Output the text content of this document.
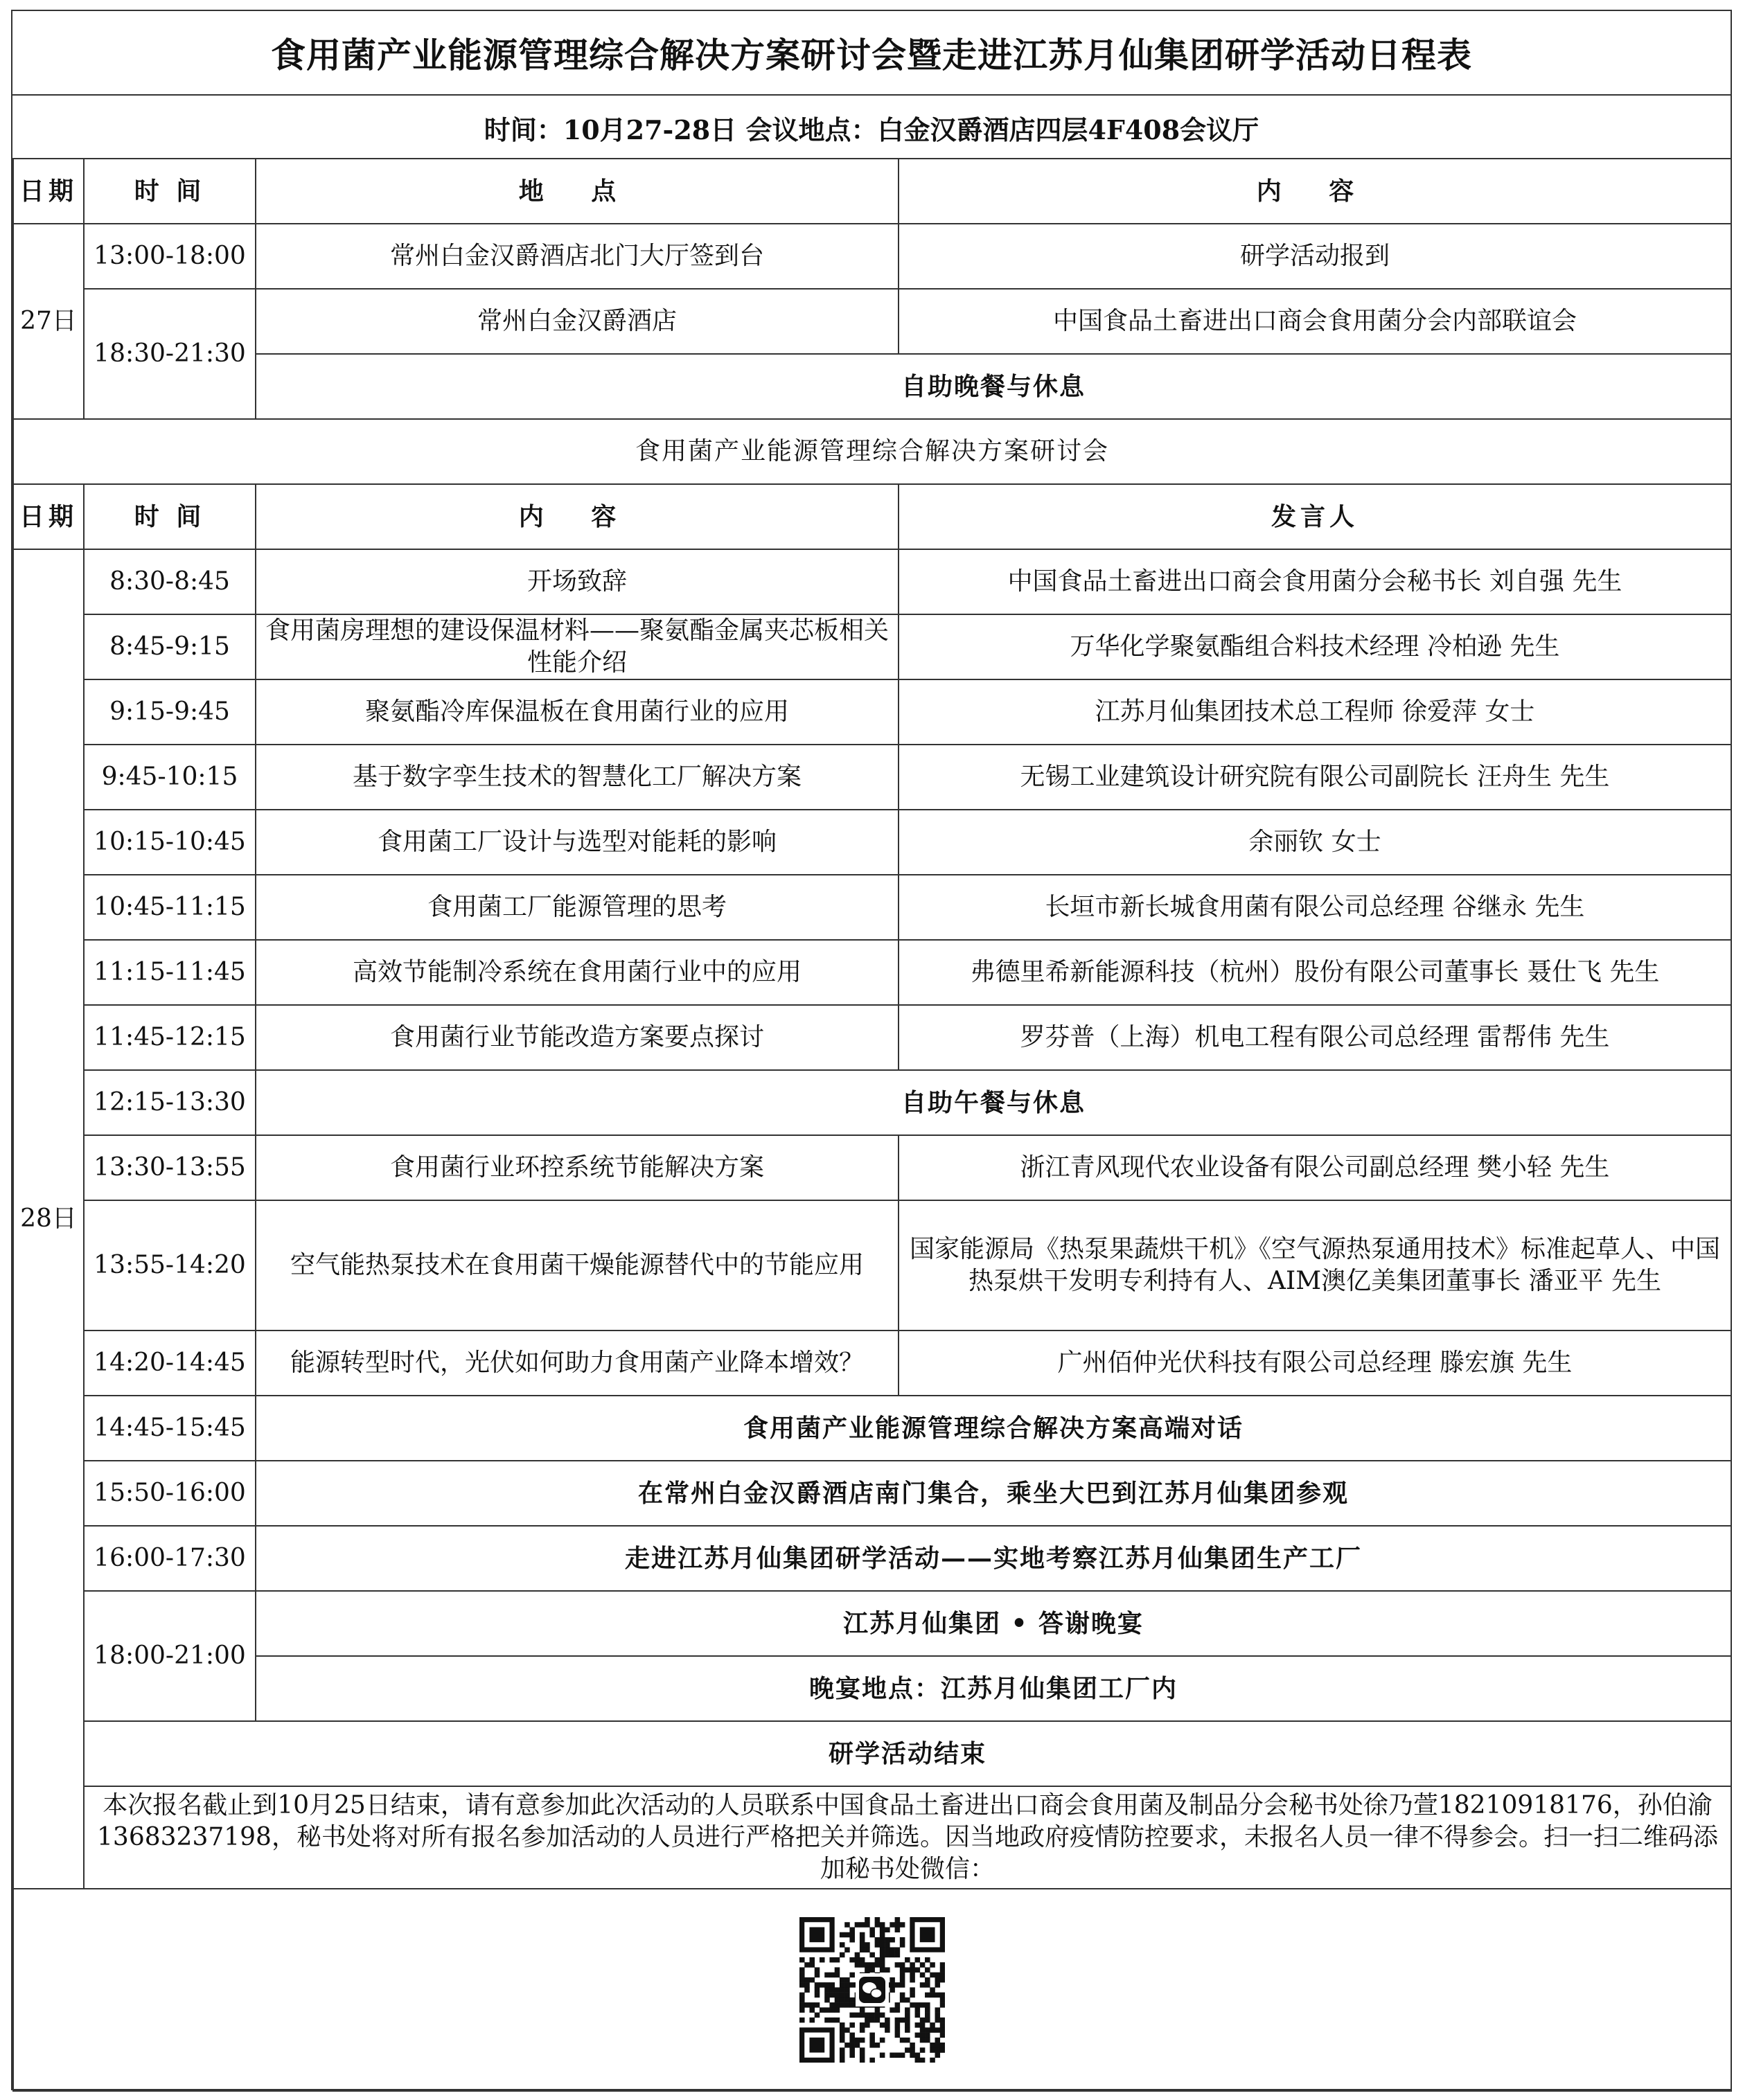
食用菌产业能源管理综合解决方案研讨会暨走进江苏月仙集团研学活动日程表
时间：10月27-28日 会议地点：白金汉爵酒店四层4F408会议厅
日期	时 间	地 点	内 容
27日	13:00-18:00	常州白金汉爵酒店北门大厅签到台	研学活动报到
	18:30-21:30	常州白金汉爵酒店	中国食品土畜进出口商会食用菌分会内部联谊会
		自助晚餐与休息	
食用菌产业能源管理综合解决方案研讨会			
日期	时 间	内 容	发言人
28日	8:30-8:45	开场致辞	中国食品土畜进出口商会食用菌分会秘书长 刘自强 先生
	8:45-9:15	食用菌房理想的建设保温材料——聚氨酯金属夹芯板相关性能介绍	万华化学聚氨酯组合料技术经理 冷柏逊 先生
	9:15-9:45	聚氨酯冷库保温板在食用菌行业的应用	江苏月仙集团技术总工程师 徐爱萍 女士
	9:45-10:15	基于数字孪生技术的智慧化工厂解决方案	无锡工业建筑设计研究院有限公司副院长 汪舟生 先生
	10:15-10:45	食用菌工厂设计与选型对能耗的影响	余丽钦 女士
	10:45-11:15	食用菌工厂能源管理的思考	长垣市新长城食用菌有限公司总经理 谷继永 先生
	11:15-11:45	高效节能制冷系统在食用菌行业中的应用	弗德里希新能源科技（杭州）股份有限公司董事长 聂仕飞 先生
	11:45-12:15	食用菌行业节能改造方案要点探讨	罗芬普（上海）机电工程有限公司总经理 雷帮伟 先生
	12:15-13:30	自助午餐与休息	
	13:30-13:55	食用菌行业环控系统节能解决方案	浙江青风现代农业设备有限公司副总经理 樊小轻 先生
	13:55-14:20	空气能热泵技术在食用菌干燥能源替代中的节能应用	国家能源局《热泵果蔬烘干机》《空气源热泵通用技术》标准起草人、中国热泵烘干发明专利持有人、AIM澳亿美集团董事长 潘亚平 先生
	14:20-14:45	能源转型时代，光伏如何助力食用菌产业降本增效？	广州佰仲光伏科技有限公司总经理 滕宏旗 先生
	14:45-15:45	食用菌产业能源管理综合解决方案高端对话	
	15:50-16:00	在常州白金汉爵酒店南门集合，乘坐大巴到江苏月仙集团参观	
	16:00-17:30	走进江苏月仙集团研学活动——实地考察江苏月仙集团生产工厂	
	18:00-21:00	江苏月仙集团 • 答谢晚宴	
		晚宴地点：江苏月仙集团工厂内	
	研学活动结束		
	本次报名截止到10月25日结束，请有意参加此次活动的人员联系中国食品土畜进出口商会食用菌及制品分会秘书处徐乃萱18210918176，孙伯渝13683237198，秘书处将对所有报名参加活动的人员进行严格把关并筛选。因当地政府疫情防控要求，未报名人员一律不得参会。扫一扫二维码添加秘书处微信：		
